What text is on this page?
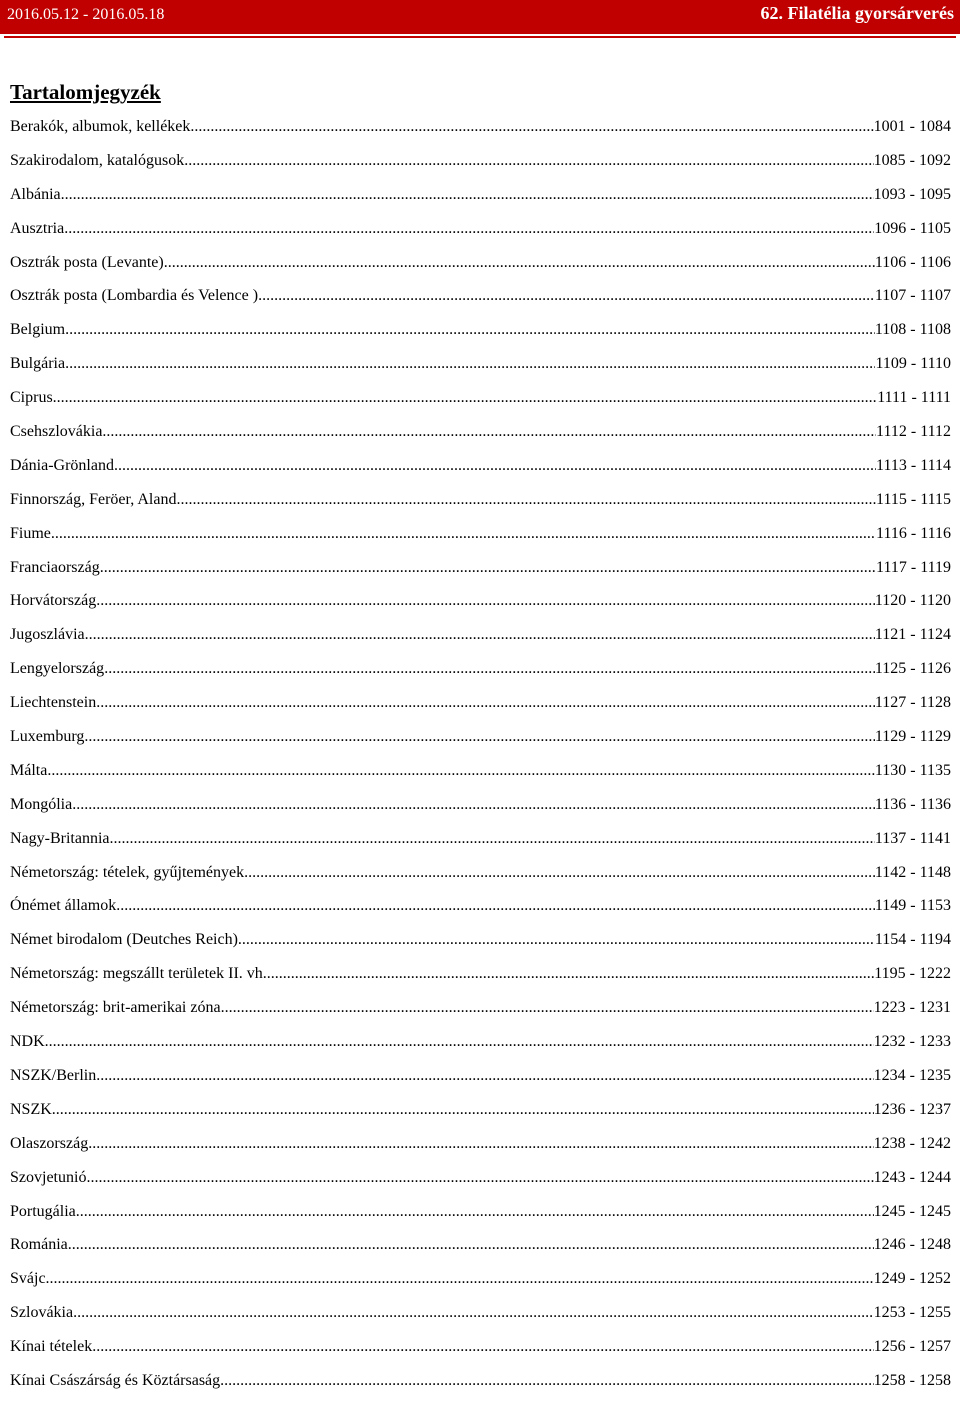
2016.05.12 - 2016.05.18	62. Filatélia gyorsárverés
Tartalomjegyzék
Berakók, albumok, kellékek .....	1001 - 1084
Szakirodalom, katalógusok .....	1085 - 1092
Albánia .....	1093 - 1095
Ausztria .....	1096 - 1105
Osztrák posta (Levante) .....	1106 - 1106
Osztrák posta (Lombardia és Velence ) .....	1107 - 1107
Belgium .....	1108 - 1108
Bulgária .....	1109 - 1110
Ciprus .....	1111 - 1111
Csehszlovákia .....	1112 - 1112
Dánia-Grönland .....	1113 - 1114
Finnország, Feröer, Aland .....	1115 - 1115
Fiume .....	1116 - 1116
Franciaország .....	1117 - 1119
Horvátország .....	1120 - 1120
Jugoszlávia .....	1121 - 1124
Lengyelország .....	1125 - 1126
Liechtenstein .....	1127 - 1128
Luxemburg .....	1129 - 1129
Málta .....	1130 - 1135
Mongólia .....	1136 - 1136
Nagy-Britannia .....	1137 - 1141
Németország: tételek, gyűjtemények .....	1142 - 1148
Ónémet államok .....	1149 - 1153
Német birodalom (Deutches Reich) .....	1154 - 1194
Németország: megszállt területek II. vh. .....	1195 - 1222
Németország: brit-amerikai zóna .....	1223 - 1231
NDK .....	1232 - 1233
NSZK/Berlin .....	1234 - 1235
NSZK .....	1236 - 1237
Olaszország .....	1238 - 1242
Szovjetunió .....	1243 - 1244
Portugália .....	1245 - 1245
Románia .....	1246 - 1248
Svájc .....	1249 - 1252
Szlovákia .....	1253 - 1255
Kínai tételek .....	1256 - 1257
Kínai Császárság és Köztársaság .....	1258 - 1258
